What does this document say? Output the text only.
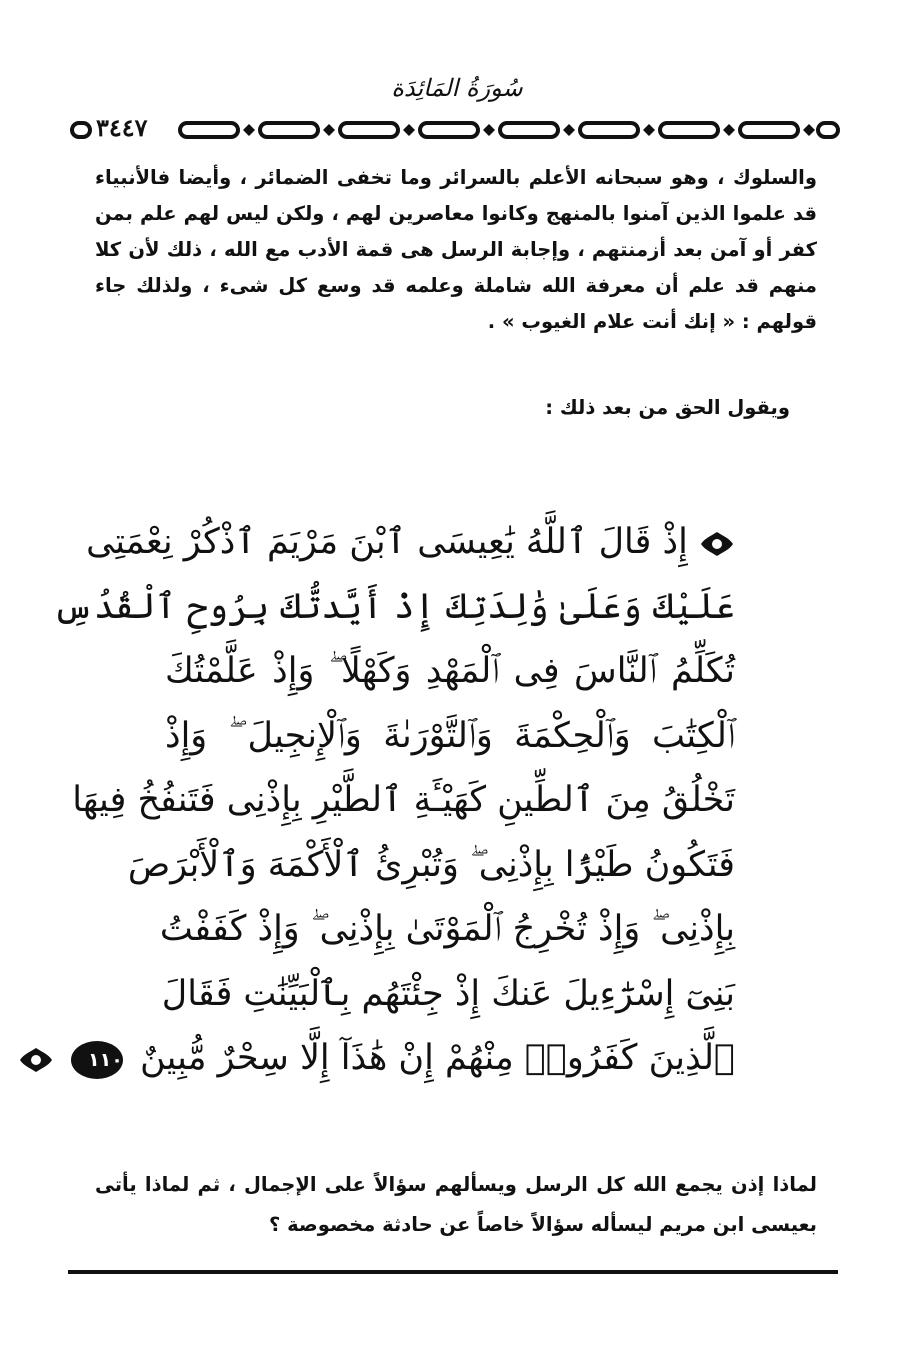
سُورَةُ المَائِدَة
٣٤٤٧

والسلوك ، وهو سبحانه الأعلم بالسرائر وما تخفى الضمائر ، وأيضا فالأنبياء قد علموا الذين آمنوا بالمنهج وكانوا معاصرين لهم ، ولكن ليس لهم علم بمن كفر أو آمن بعد أزمنتهم ، وإجابة الرسل هى قمة الأدب مع الله ، ذلك لأن كلا منهم قد علم أن معرفة الله شاملة وعلمه قد وسع كل شىء ، ولذلك جاء قولهم : « إنك أنت علام الغيوب » .

ويقول الحق من بعد ذلك :

إِذْ قَالَ ٱللَّهُ يَٰعِيسَى ٱبْنَ مَرْيَمَ ٱذْكُرْ نِعْمَتِى
عَلَيْكَ وَعَلَىٰ وَٰلِدَتِكَ إِذْ أَيَّدتُّكَ بِرُوحِ ٱلْقُدُسِ
تُكَلِّمُ ٱلنَّاسَ فِى ٱلْمَهْدِ وَكَهْلًا ۖ وَإِذْ عَلَّمْتُكَ
ٱلْكِتَٰبَ وَٱلْحِكْمَةَ وَٱلتَّوْرَىٰةَ وَٱلْإِنجِيلَ ۖ وَإِذْ
تَخْلُقُ مِنَ ٱلطِّينِ كَهَيْـَٔةِ ٱلطَّيْرِ بِإِذْنِى فَتَنفُخُ فِيهَا
فَتَكُونُ طَيْرًۢا بِإِذْنِى ۖ وَتُبْرِئُ ٱلْأَكْمَهَ وَٱلْأَبْرَصَ
بِإِذْنِى ۖ وَإِذْ تُخْرِجُ ٱلْمَوْتَىٰ بِإِذْنِى ۖ وَإِذْ كَفَفْتُ
بَنِىٓ إِسْرَٰٓءِيلَ عَنكَ إِذْ جِئْتَهُم بِٱلْبَيِّنَٰتِ فَقَالَ
ٱلَّذِينَ كَفَرُوا۟ مِنْهُمْ إِنْ هَٰذَآ إِلَّا سِحْرٌ مُّبِينٌ ١١٠

لماذا إذن يجمع الله كل الرسل ويسألهم سؤالاً على الإجمال ، ثم لماذا يأتى بعيسى ابن مريم ليسأله سؤالاً خاصاً عن حادثة مخصوصة ؟
